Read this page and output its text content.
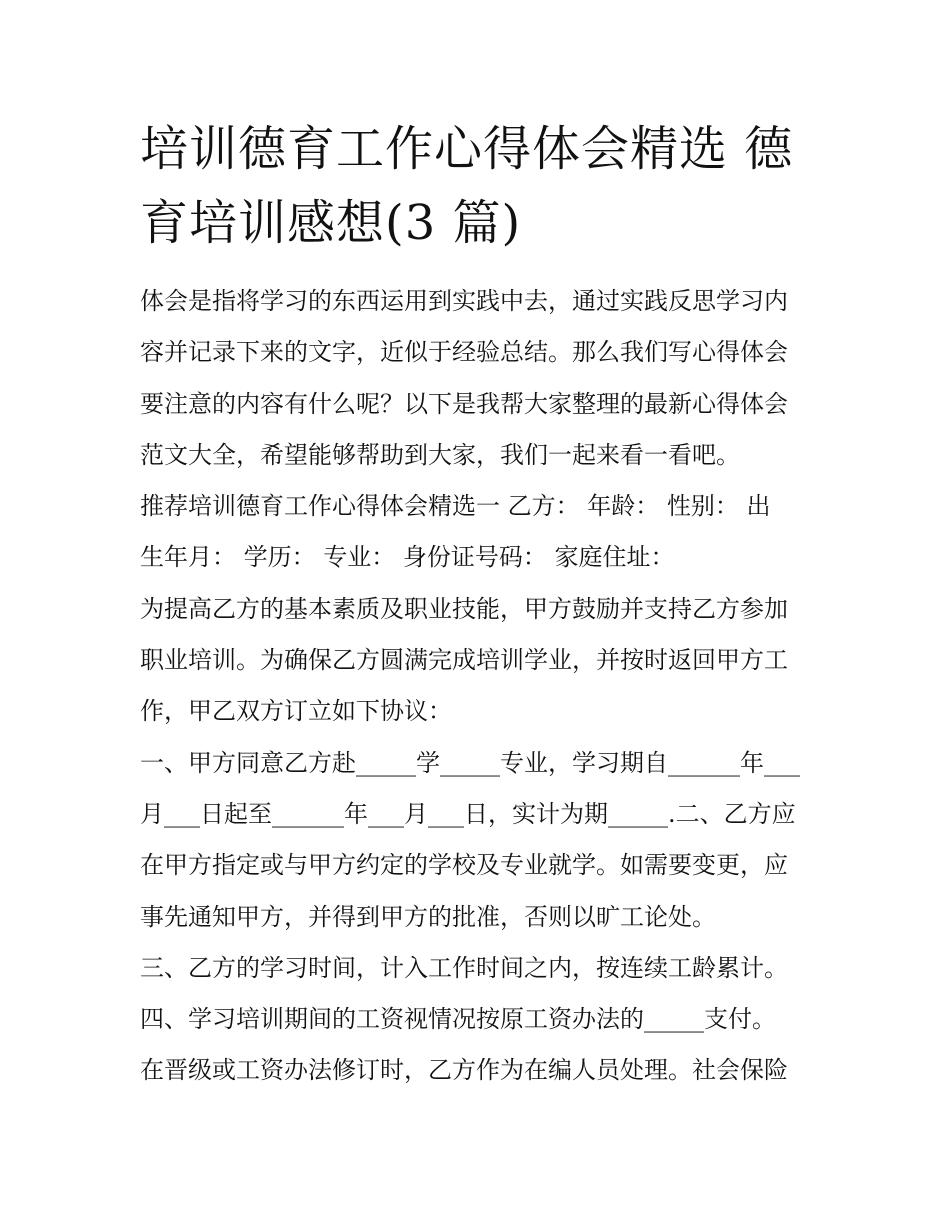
培训德育工作心得体会精选 德
育培训感想(3 篇)
体会是指将学习的东西运用到实践中去，通过实践反思学习内
容并记录下来的文字，近似于经验总结。那么我们写心得体会
要注意的内容有什么呢？以下是我帮大家整理的最新心得体会
范文大全，希望能够帮助到大家，我们一起来看一看吧。
推荐培训德育工作心得体会精选一 乙方： 年龄： 性别： 出
生年月： 学历： 专业： 身份证号码： 家庭住址：
为提高乙方的基本素质及职业技能，甲方鼓励并支持乙方参加
职业培训。为确保乙方圆满完成培训学业，并按时返回甲方工
作，甲乙双方订立如下协议：
一、甲方同意乙方赴_____学_____专业，学习期自______年___
月___日起至______年___月___日，实计为期_____.二、乙方应
在甲方指定或与甲方约定的学校及专业就学。如需要变更，应
事先通知甲方，并得到甲方的批准，否则以旷工论处。
三、乙方的学习时间，计入工作时间之内，按连续工龄累计。
四、学习培训期间的工资视情况按原工资办法的_____支付。
在晋级或工资办法修订时，乙方作为在编人员处理。社会保险
